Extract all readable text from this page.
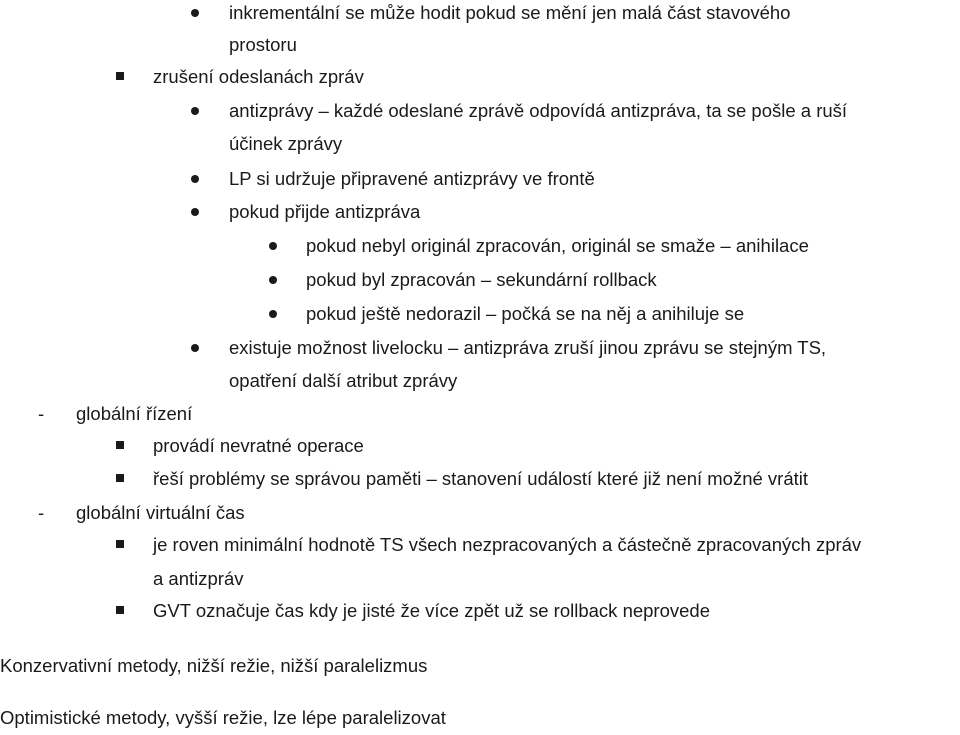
inkrementální se může hodit pokud se mění jen malá část stavového
prostoru
zrušení odeslanách zpráv
antizprávy – každé odeslané zprávě odpovídá antizpráva, ta se pošle a ruší
účinek zprávy
LP si udržuje připravené antizprávy ve frontě
pokud přijde antizpráva
pokud nebyl originál zpracován, originál se smaže – anihilace
pokud byl zpracován – sekundární rollback
pokud ještě nedorazil – počká se na něj a anihiluje se
existuje možnost livelocku – antizpráva zruší jinou zprávu se stejným TS,
opatření další atribut zprávy
- globální řízení
provádí nevratné operace
řeší problémy se správou paměti – stanovení událostí které již není možné vrátit
- globální virtuální čas
je roven minimální hodnotě TS všech nezpracovaných a částečně zpracovaných zpráv
a antizpráv
GVT označuje čas kdy je jisté že více zpět už se rollback neprovede
Konzervativní metody, nižší režie, nižší paralelizmus
Optimistické metody, vyšší režie, lze lépe paralelizovat
